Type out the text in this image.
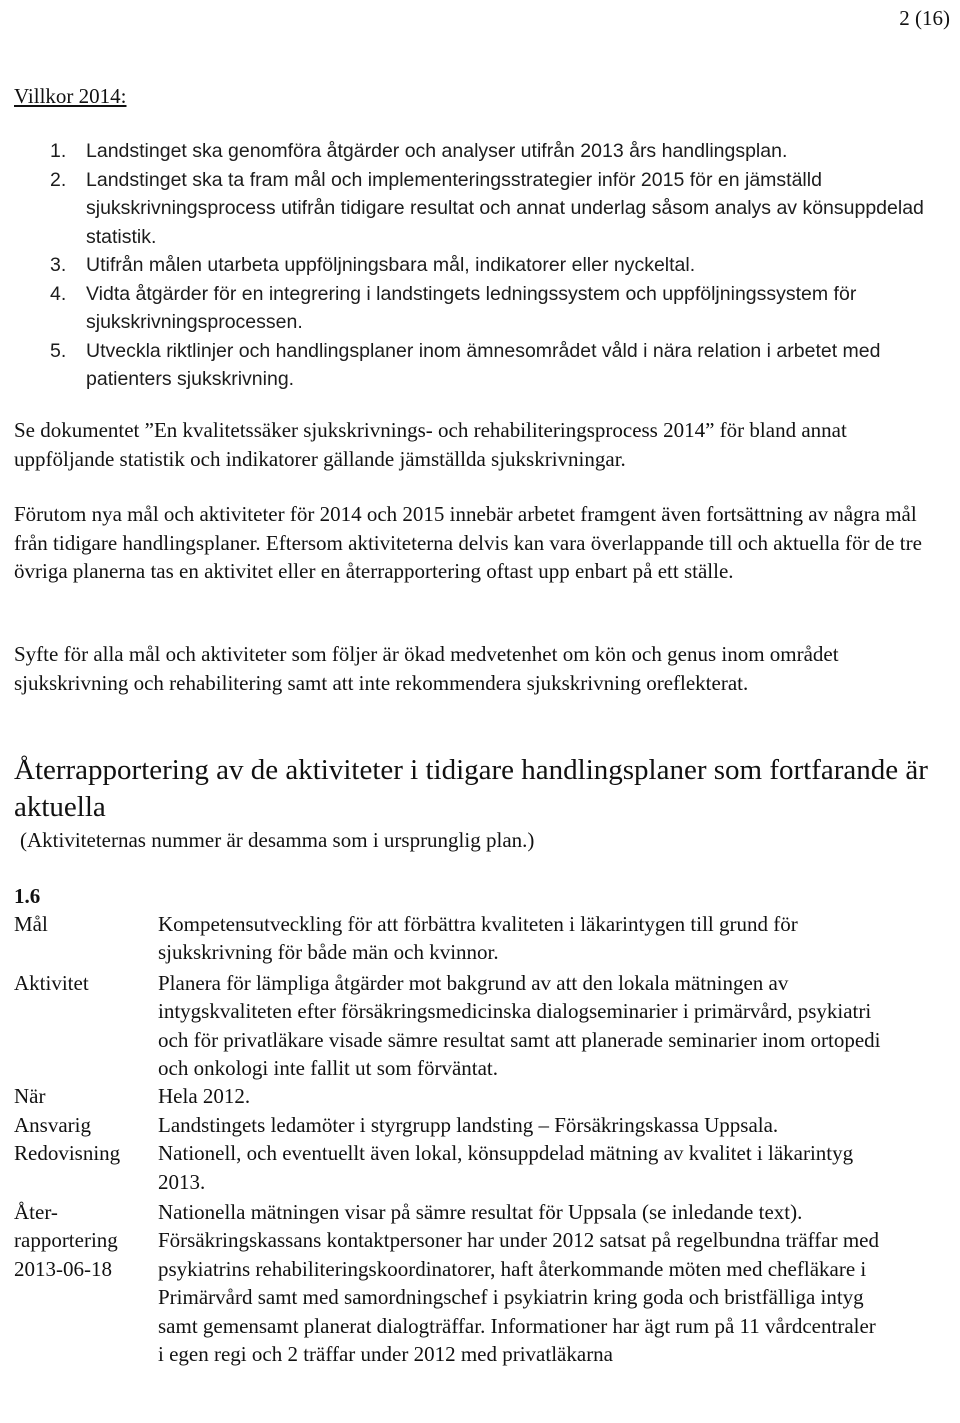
2 (16)
Villkor 2014:
1. Landstinget ska genomföra åtgärder och analyser utifrån 2013 års handlingsplan.
2. Landstinget ska ta fram mål och implementeringsstrategier inför 2015 för en jämställd sjukskrivningsprocess utifrån tidigare resultat och annat underlag såsom analys av könsuppdelad statistik.
3. Utifrån målen utarbeta uppföljningsbara mål, indikatorer eller nyckeltal.
4. Vidta åtgärder för en integrering i landstingets ledningssystem och uppföljningssystem för sjukskrivningsprocessen.
5. Utveckla riktlinjer och handlingsplaner inom ämnesområdet våld i nära relation i arbetet med patienters sjukskrivning.

Se dokumentet ”En kvalitetssäker sjukskrivnings- och rehabiliteringsprocess 2014” för bland annat uppföljande statistik och indikatorer gällande jämställda sjukskrivningar.

Förutom nya mål och aktiviteter för 2014 och 2015 innebär arbetet framgent även fortsättning av några mål från tidigare handlingsplaner. Eftersom aktiviteterna delvis kan vara överlappande till och aktuella för de tre övriga planerna tas en aktivitet eller en återrapportering oftast upp enbart på ett ställe.

Syfte för alla mål och aktiviteter som följer är ökad medvetenhet om kön och genus inom området sjukskrivning och rehabilitering samt att inte rekommendera sjukskrivning oreflekterat.

Återrapportering av de aktiviteter i tidigare handlingsplaner som fortfarande är aktuella

(Aktiviteternas nummer är desamma som i ursprunglig plan.)

1.6

Mål	Kompetensutveckling för att förbättra kvaliteten i läkarintygen till grund för sjukskrivning för både män och kvinnor.
Aktivitet	Planera för lämpliga åtgärder mot bakgrund av att den lokala mätningen av intygskvaliteten efter försäkringsmedicinska dialogseminarier i primärvård, psykiatri och för privatläkare visade sämre resultat samt att planerade seminarier inom ortopedi och onkologi inte fallit ut som förväntat.
När	Hela 2012.
Ansvarig	Landstingets ledamöter i styrgrupp landsting – Försäkringskassa Uppsala.
Redovisning	Nationell, och eventuellt även lokal, könsuppdelad mätning av kvalitet i läkarintyg 2013.
Åter-rapportering 2013-06-18	Nationella mätningen visar på sämre resultat för Uppsala (se inledande text). Försäkringskassans kontaktpersoner har under 2012 satsat på regelbundna träffar med psykiatrins rehabiliteringskoordinatorer, haft återkommande möten med chefläkare i Primärvård samt med samordningschef i psykiatrin kring goda och bristfälliga intyg samt gemensamt planerat dialogträffar. Informationer har ägt rum på 11 vårdcentraler i egen regi och 2 träffar under 2012 med privatläkarna
